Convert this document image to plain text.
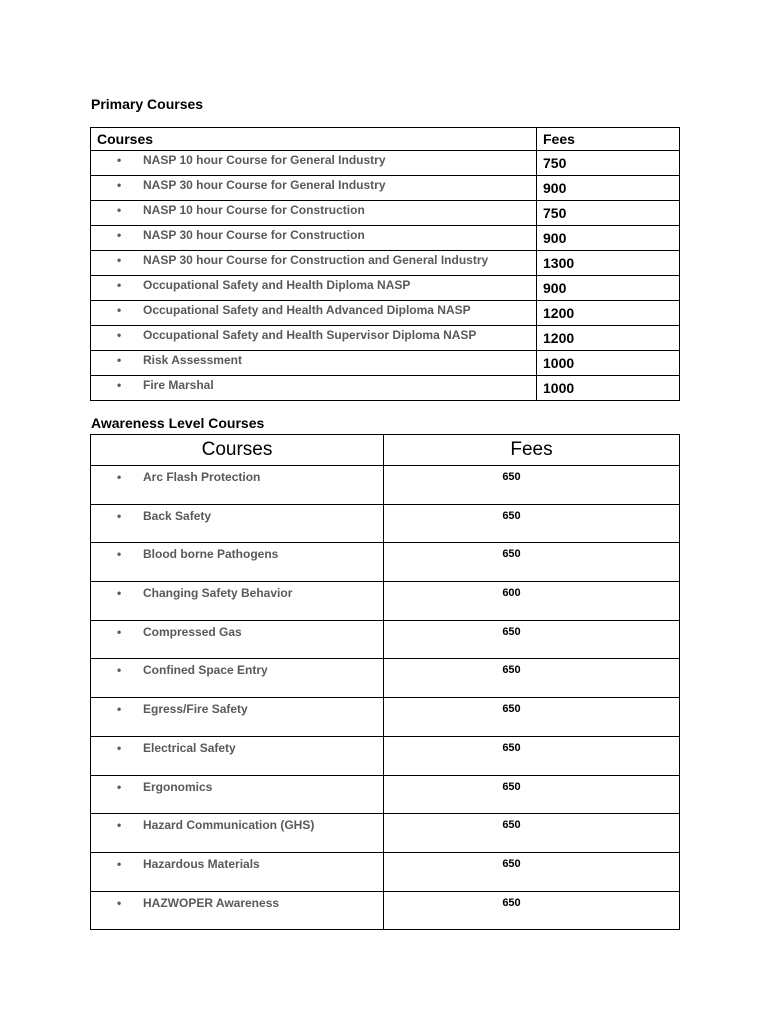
Primary Courses
Courses	Fees
• NASP 10 hour Course for General Industry	750
• NASP 30 hour Course for General Industry	900
• NASP 10 hour Course for Construction	750
• NASP 30 hour Course for Construction	900
• NASP 30 hour Course for Construction and General Industry	1300
• Occupational Safety and Health Diploma NASP	900
• Occupational Safety and Health Advanced Diploma NASP	1200
• Occupational Safety and Health Supervisor Diploma NASP	1200
• Risk Assessment	1000
• Fire Marshal	1000
Awareness Level Courses
Courses	Fees
• Arc Flash Protection	650
• Back Safety	650
• Blood borne Pathogens	650
• Changing Safety Behavior	600
• Compressed Gas	650
• Confined Space Entry	650
• Egress/Fire Safety	650
• Electrical Safety	650
• Ergonomics	650
• Hazard Communication (GHS)	650
• Hazardous Materials	650
• HAZWOPER Awareness	650
